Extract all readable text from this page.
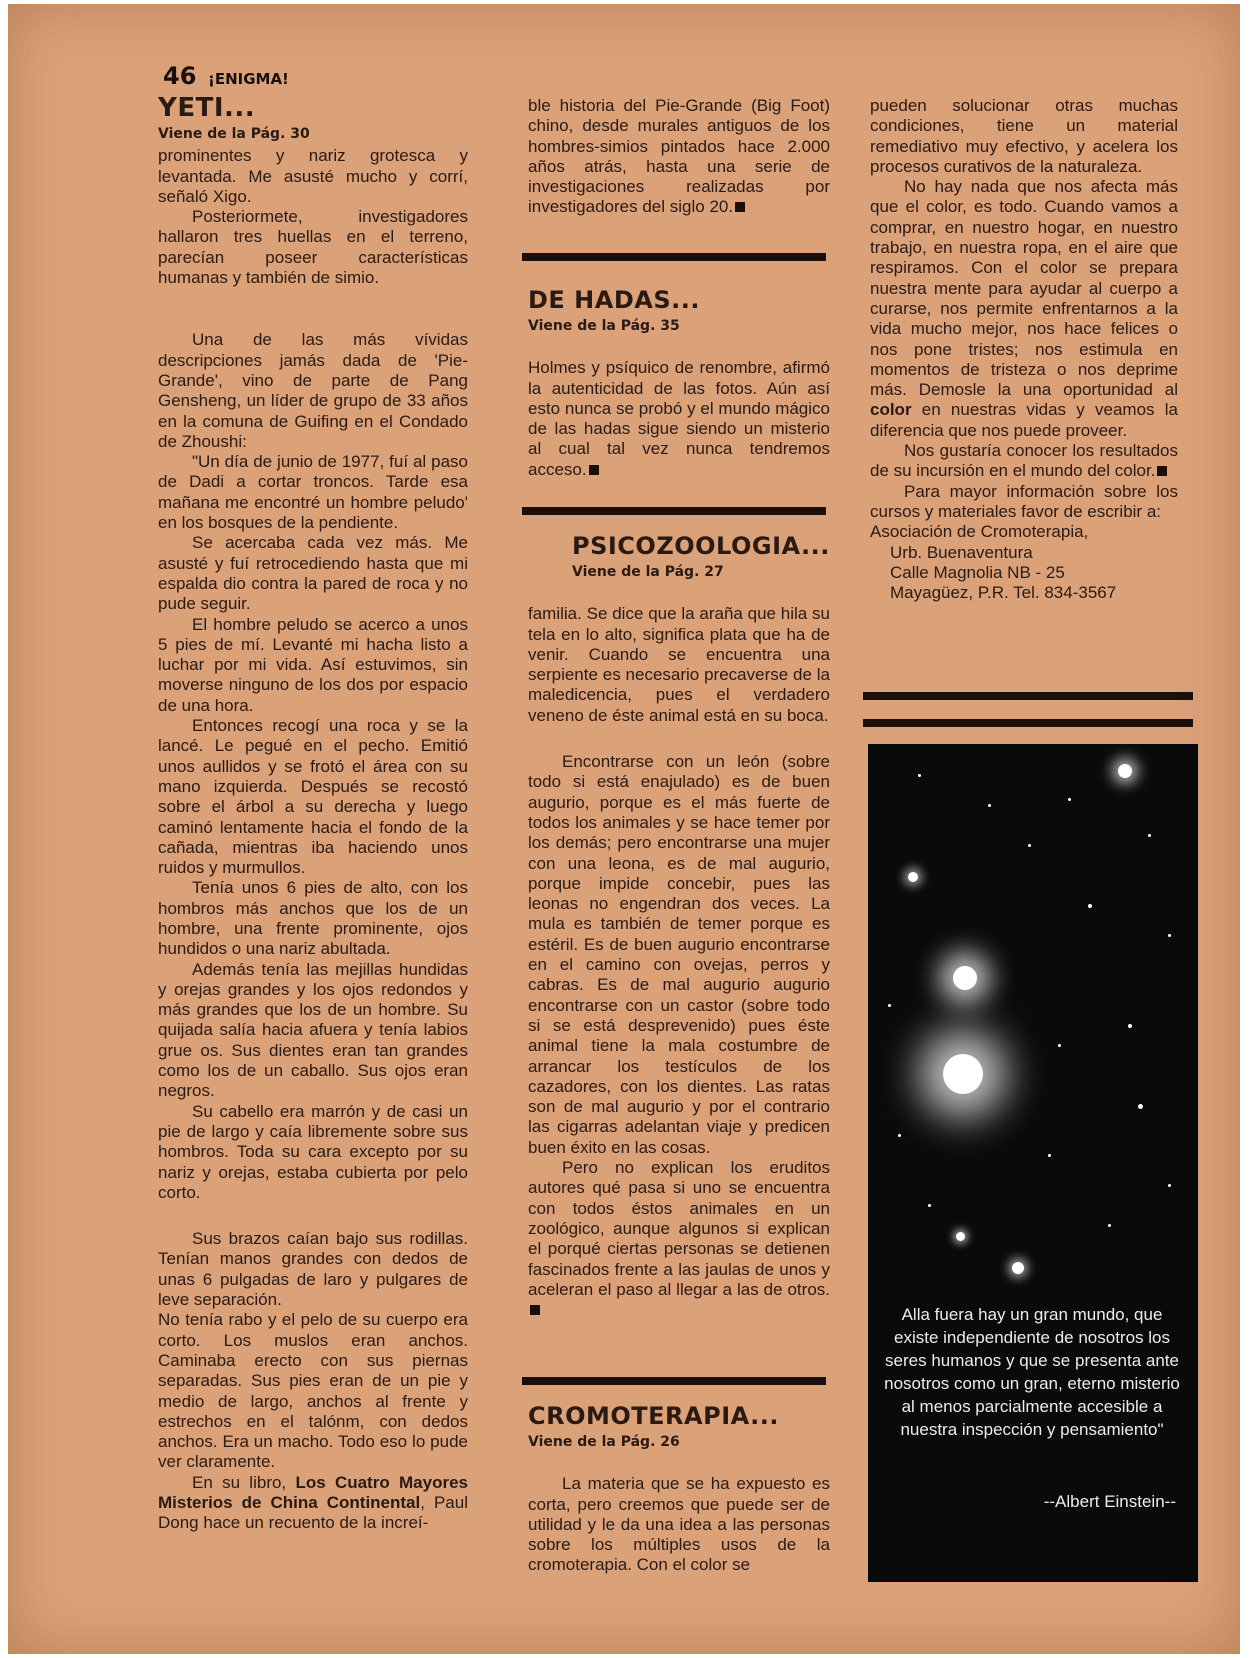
46 ¡ENIGMA!
YETI...
Viene de la Pág. 30

prominentes y nariz grotesca y levantada. Me asusté mucho y corrí, señaló Xigo.

Posteriormete, investigadores hallaron tres huellas en el terreno, parecían poseer características humanas y también de simio.

Una de las más vívidas descripciones jamás dada de 'Pie-Grande', vino de parte de Pang Gensheng, un líder de grupo de 33 años en la comuna de Guifing en el Condado de Zhoushi:

"Un día de junio de 1977, fuí al paso de Dadi a cortar troncos. Tarde esa mañana me encontré un hombre peludo' en los bosques de la pendiente.

Se acercaba cada vez más. Me asusté y fuí retrocediendo hasta que mi espalda dio contra la pared de roca y no pude seguir.

El hombre peludo se acerco a unos 5 pies de mí. Levanté mi hacha listo a luchar por mi vida. Así estuvimos, sin moverse ninguno de los dos por espacio de una hora.

Entonces recogí una roca y se la lancé. Le pegué en el pecho. Emitió unos aullidos y se frotó el área con su mano izquierda. Después se recostó sobre el árbol a su derecha y luego caminó lentamente hacia el fondo de la cañada, mientras iba haciendo unos ruidos y murmullos.

Tenía unos 6 pies de alto, con los hombros más anchos que los de un hombre, una frente prominente, ojos hundidos o una nariz abultada.

Además tenía las mejillas hundidas y orejas grandes y los ojos redondos y más grandes que los de un hombre. Su quijada salía hacia afuera y tenía labios grue os. Sus dientes eran tan grandes como los de un caballo. Sus ojos eran negros.

Su cabello era marrón y de casi un pie de largo y caía libremente sobre sus hombros. Toda su cara excepto por su nariz y orejas, estaba cubierta por pelo corto.

Sus brazos caían bajo sus rodillas. Tenían manos grandes con dedos de unas 6 pulgadas de laro y pulgares de leve separación.

No tenía rabo y el pelo de su cuerpo era corto. Los muslos eran anchos. Caminaba erecto con sus piernas separadas. Sus pies eran de un pie y medio de largo, anchos al frente y estrechos en el talónm, con dedos anchos. Era un macho. Todo eso lo pude ver claramente.

En su libro, Los Cuatro Mayores Misterios de China Continental, Paul Dong hace un recuento de la increí-

ble historia del Pie-Grande (Big Foot) chino, desde murales antiguos de los hombres-simios pintados hace 2.000 años atrás, hasta una serie de investigaciones realizadas por investigadores del siglo 20.

DE HADAS...
Viene de la Pág. 35

Holmes y psíquico de renombre, afirmó la autenticidad de las fotos. Aún así esto nunca se probó y el mundo mágico de las hadas sigue siendo un misterio al cual tal vez nunca tendremos acceso.

PSICOZOOLOGIA...
Viene de la Pág. 27

familia. Se dice que la araña que hila su tela en lo alto, significa plata que ha de venir. Cuando se encuentra una serpiente es necesario precaverse de la maledicencia, pues el verdadero veneno de éste animal está en su boca.

Encontrarse con un león (sobre todo si está enajulado) es de buen augurio, porque es el más fuerte de todos los animales y se hace temer por los demás; pero encontrarse una mujer con una leona, es de mal augurio, porque impide concebir, pues las leonas no engendran dos veces. La mula es también de temer porque es estéril. Es de buen augurio encontrarse en el camino con ovejas, perros y cabras. Es de mal augurio augurio encontrarse con un castor (sobre todo si se está desprevenido) pues éste animal tiene la mala costumbre de arrancar los testículos de los cazadores, con los dientes. Las ratas son de mal augurio y por el contrario las cigarras adelantan viaje y predicen buen éxito en las cosas.

Pero no explican los eruditos autores qué pasa si uno se encuentra con todos éstos animales en un zoológico, aunque algunos si explican el porqué ciertas personas se detienen fascinados frente a las jaulas de unos y aceleran el paso al llegar a las de otros.

CROMOTERAPIA...
Viene de la Pág. 26

La materia que se ha expuesto es corta, pero creemos que puede ser de utilidad y le da una idea a las personas sobre los múltiples usos de la cromoterapia. Con el color se

pueden solucionar otras muchas condiciones, tiene un material remediativo muy efectivo, y acelera los procesos curativos de la naturaleza.

No hay nada que nos afecta más que el color, es todo. Cuando vamos a comprar, en nuestro hogar, en nuestro trabajo, en nuestra ropa, en el aire que respiramos. Con el color se prepara nuestra mente para ayudar al cuerpo a curarse, nos permite enfrentarnos a la vida mucho mejor, nos hace felices o nos pone tristes; nos estimula en momentos de tristeza o nos deprime más. Demosle la una oportunidad al color en nuestras vidas y veamos la diferencia que nos puede proveer.

Nos gustaría conocer los resultados de su incursión en el mundo del color.

Para mayor información sobre los cursos y materiales favor de escribir a:

Asociación de Cromoterapia,

Urb. Buenaventura

Calle Magnolia NB - 25

Mayagüez, P.R. Tel. 834-3567

Alla fuera hay un gran mundo, que existe independiente de nosotros los seres humanos y que se presenta ante nosotros como un gran, eterno misterio al menos parcialmente accesible a nuestra inspección y pensamiento"

--Albert Einstein--
